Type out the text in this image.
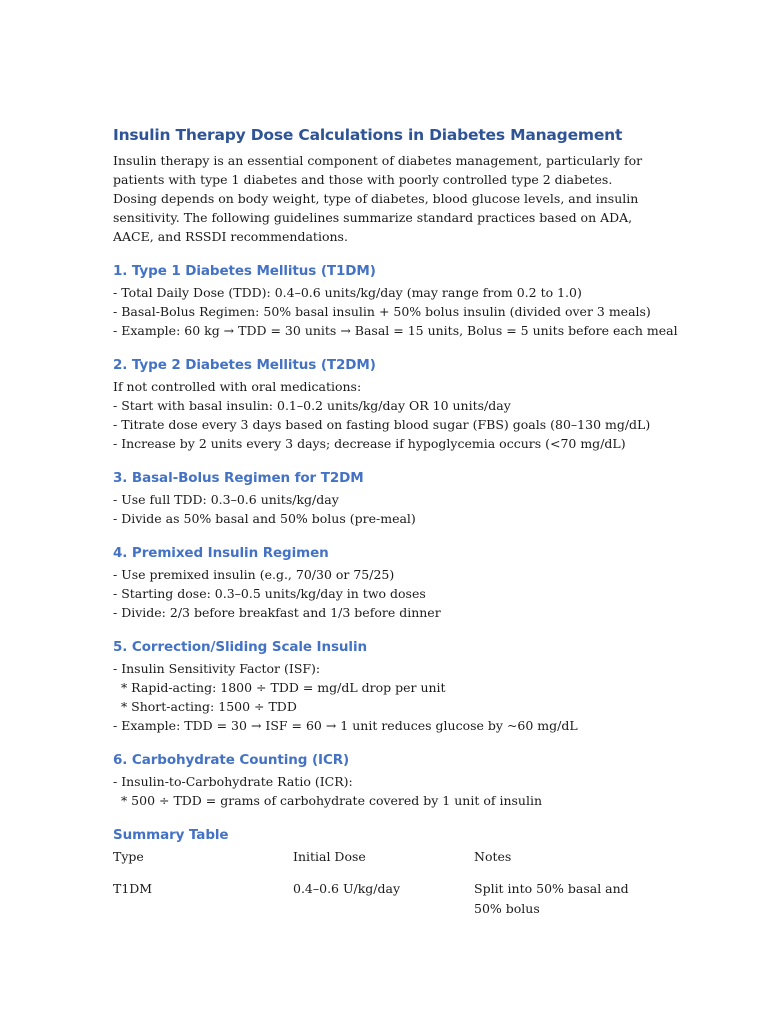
Insulin Therapy Dose Calculations in Diabetes Management

Insulin therapy is an essential component of diabetes management, particularly for patients with type 1 diabetes and those with poorly controlled type 2 diabetes. Dosing depends on body weight, type of diabetes, blood glucose levels, and insulin sensitivity. The following guidelines summarize standard practices based on ADA, AACE, and RSSDI recommendations.

1. Type 1 Diabetes Mellitus (T1DM)
- Total Daily Dose (TDD): 0.4–0.6 units/kg/day (may range from 0.2 to 1.0)
- Basal-Bolus Regimen: 50% basal insulin + 50% bolus insulin (divided over 3 meals)
- Example: 60 kg → TDD = 30 units → Basal = 15 units, Bolus = 5 units before each meal
2. Type 2 Diabetes Mellitus (T2DM)
If not controlled with oral medications:
- Start with basal insulin: 0.1–0.2 units/kg/day OR 10 units/day
- Titrate dose every 3 days based on fasting blood sugar (FBS) goals (80–130 mg/dL)
- Increase by 2 units every 3 days; decrease if hypoglycemia occurs (<70 mg/dL)
3. Basal-Bolus Regimen for T2DM
- Use full TDD: 0.3–0.6 units/kg/day
- Divide as 50% basal and 50% bolus (pre-meal)
4. Premixed Insulin Regimen
- Use premixed insulin (e.g., 70/30 or 75/25)
- Starting dose: 0.3–0.5 units/kg/day in two doses
- Divide: 2/3 before breakfast and 1/3 before dinner
5. Correction/Sliding Scale Insulin
- Insulin Sensitivity Factor (ISF):
* Rapid-acting: 1800 ÷ TDD = mg/dL drop per unit
* Short-acting: 1500 ÷ TDD
- Example: TDD = 30 → ISF = 60 → 1 unit reduces glucose by ~60 mg/dL
6. Carbohydrate Counting (ICR)
- Insulin-to-Carbohydrate Ratio (ICR):
* 500 ÷ TDD = grams of carbohydrate covered by 1 unit of insulin
Summary Table
Type	Initial Dose	Notes
T1DM	0.4–0.6 U/kg/day	Split into 50% basal and 50% bolus
